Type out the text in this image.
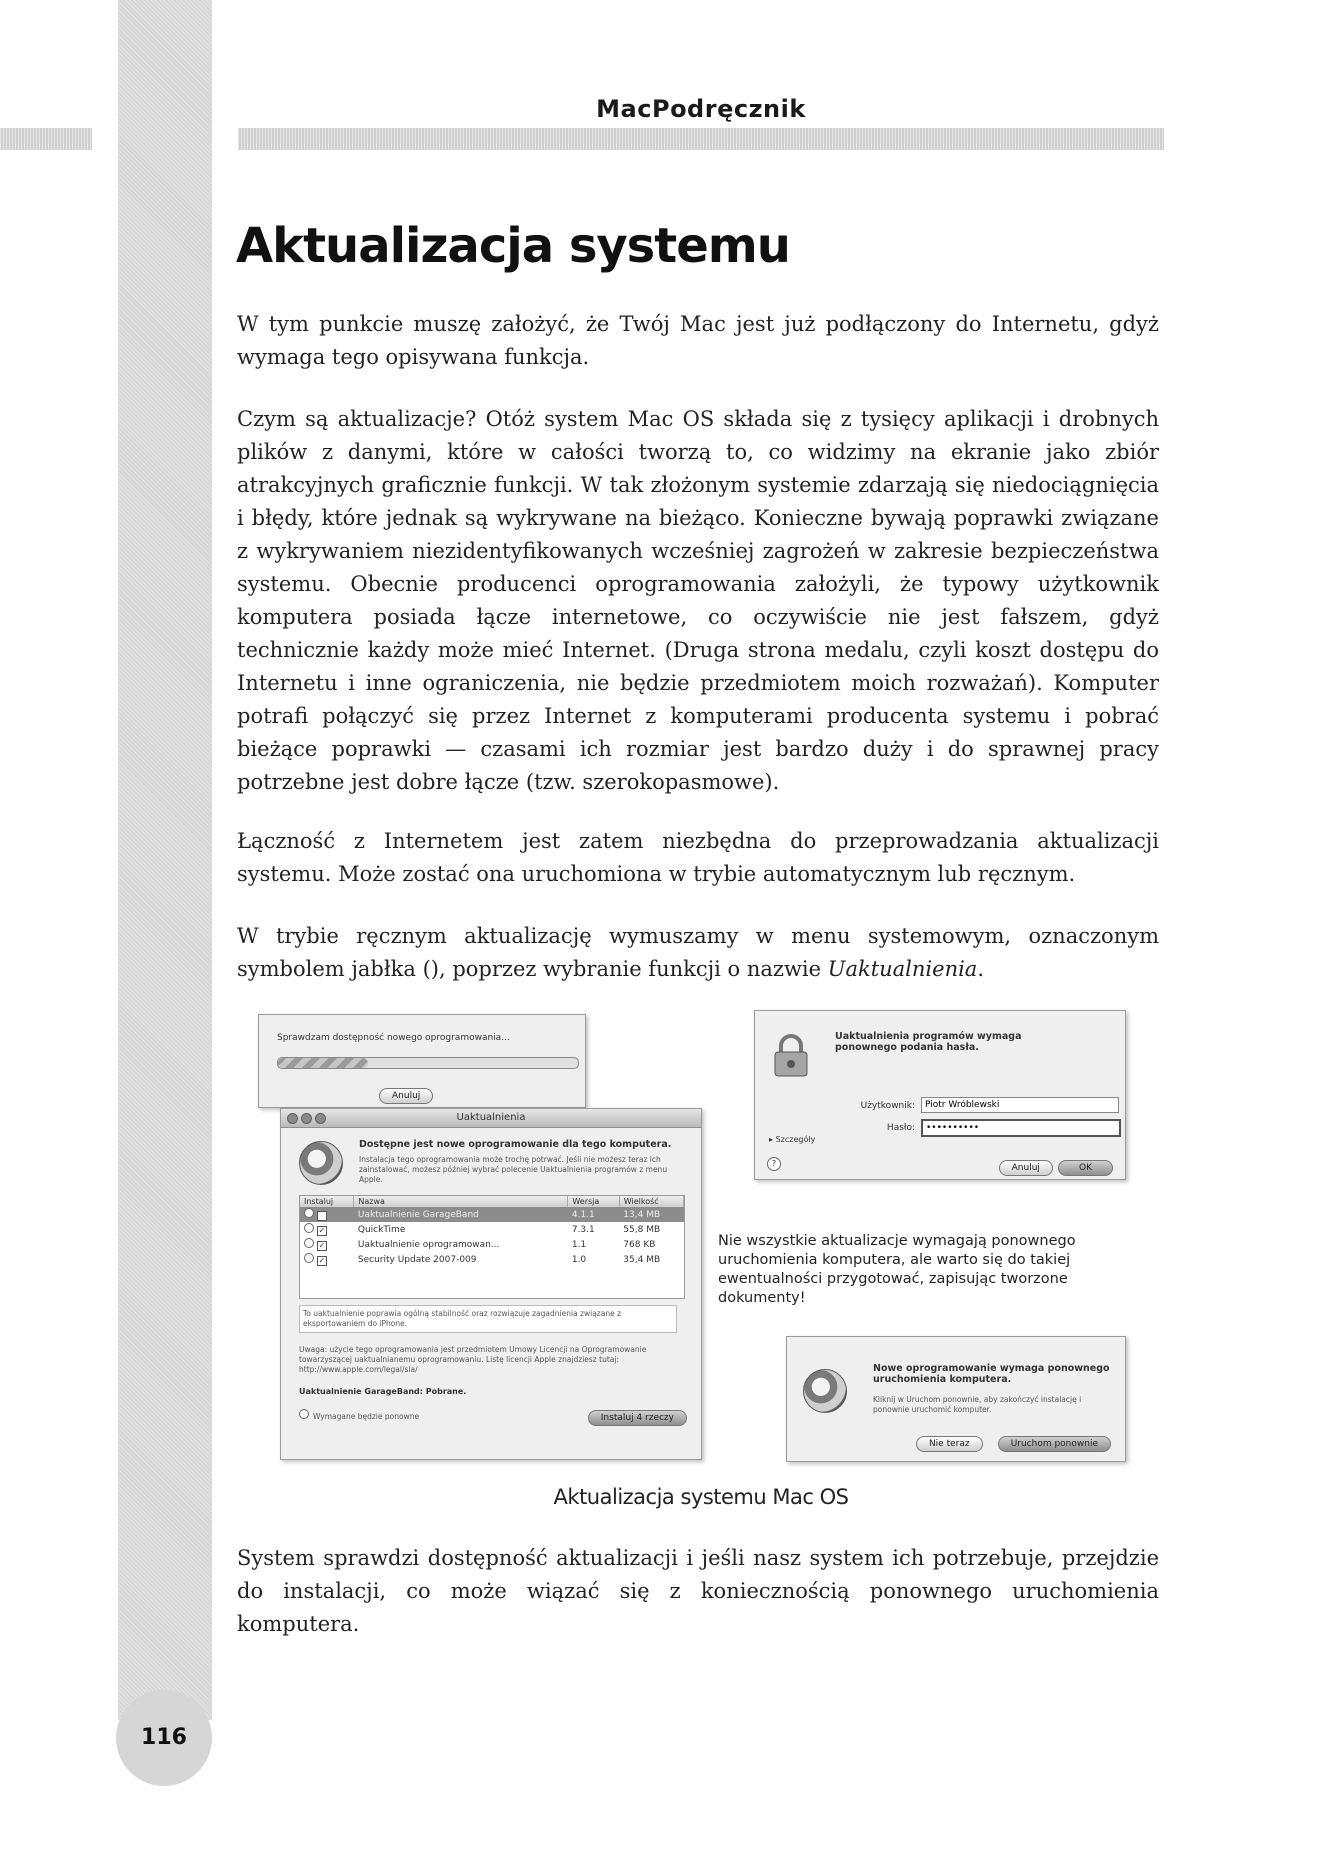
MacPodręcznik
Aktualizacja systemu

W tym punkcie muszę założyć, że Twój Mac jest już podłączony do Internetu, gdyż wymaga tego opisywana funkcja.

Czym są aktualizacje? Otóż system Mac OS składa się z tysięcy aplikacji i drobnych plików z danymi, które w całości tworzą to, co widzimy na ekranie jako zbiór atrakcyjnych graficznie funkcji. W tak złożonym systemie zdarzają się niedociągnięcia i błędy, które jednak są wykrywane na bieżąco. Konieczne bywają poprawki związane z wykrywaniem niezidentyfikowanych wcześniej zagrożeń w zakresie bezpieczeństwa systemu. Obecnie producenci oprogramowania założyli, że typowy użytkownik komputera posiada łącze internetowe, co oczywiście nie jest fałszem, gdyż technicznie każdy może mieć Internet. (Druga strona medalu, czyli koszt dostępu do Internetu i inne ograniczenia, nie będzie przedmiotem moich rozważań). Komputer potrafi połączyć się przez Internet z komputerami producenta systemu i pobrać bieżące poprawki — czasami ich rozmiar jest bardzo duży i do sprawnej pracy potrzebne jest dobre łącze (tzw. szerokopasmowe).

Łączność z Internetem jest zatem niezbędna do przeprowadzania aktualizacji systemu. Może zostać ona uruchomiona w trybie automatycznym lub ręcznym.

W trybie ręcznym aktualizację wymuszamy w menu systemowym, oznaczonym symbolem jabłka (), poprzez wybranie funkcji o nazwie Uaktualnienia.

Sprawdzam dostępność nowego oprogramowania...
Anuluj
Uaktualnienia
Dostępne jest nowe oprogramowanie dla tego komputera.
Instalacja tego oprogramowania może trochę potrwać. Jeśli nie możesz teraz ich zainstalować, możesz później wybrać polecenie Uaktualnienia programów z menu Apple.
Instaluj	Nazwa	Wersja	Wielkość
✓	Uaktualnienie GarageBand	4.1.1	13,4 MB
✓	QuickTime	7.3.1	55,8 MB
✓	Uaktualnienie oprogramowan...	1.1	768 KB
✓	Security Update 2007-009	1.0	35,4 MB
To uaktualnienie poprawia ogólną stabilność oraz rozwiązuje zagadnienia związane z eksportowaniem do iPhone.
Uwaga: użycie tego oprogramowania jest przedmiotem Umowy Licencji na Oprogramowanie towarzyszącej uaktualnianemu oprogramowaniu. Listę licencji Apple znajdziesz tutaj: http://www.apple.com/legal/sla/
Uaktualnienie GarageBand: Pobrane.
Wymagane będzie ponowne	Instaluj 4 rzeczy
Uaktualnienia programów wymaga ponownego podania hasła.
Użytkownik:
Piotr Wróblewski
Hasło:
••••••••••
▸ Szczegóły
?	Anuluj	OK
Nie wszystkie aktualizacje wymagają ponownego uruchomienia komputera, ale warto się do takiej ewentualności przygotować, zapisując tworzone dokumenty!
Nowe oprogramowanie wymaga ponownego uruchomienia komputera.
Kliknij w Uruchom ponownie, aby zakończyć instalację i ponownie uruchomić komputer.
Nie teraz	Uruchom ponownie
Aktualizacja systemu Mac OS

System sprawdzi dostępność aktualizacji i jeśli nasz system ich potrzebuje, przejdzie do instalacji, co może wiązać się z koniecznością ponownego uruchomienia komputera.

116
